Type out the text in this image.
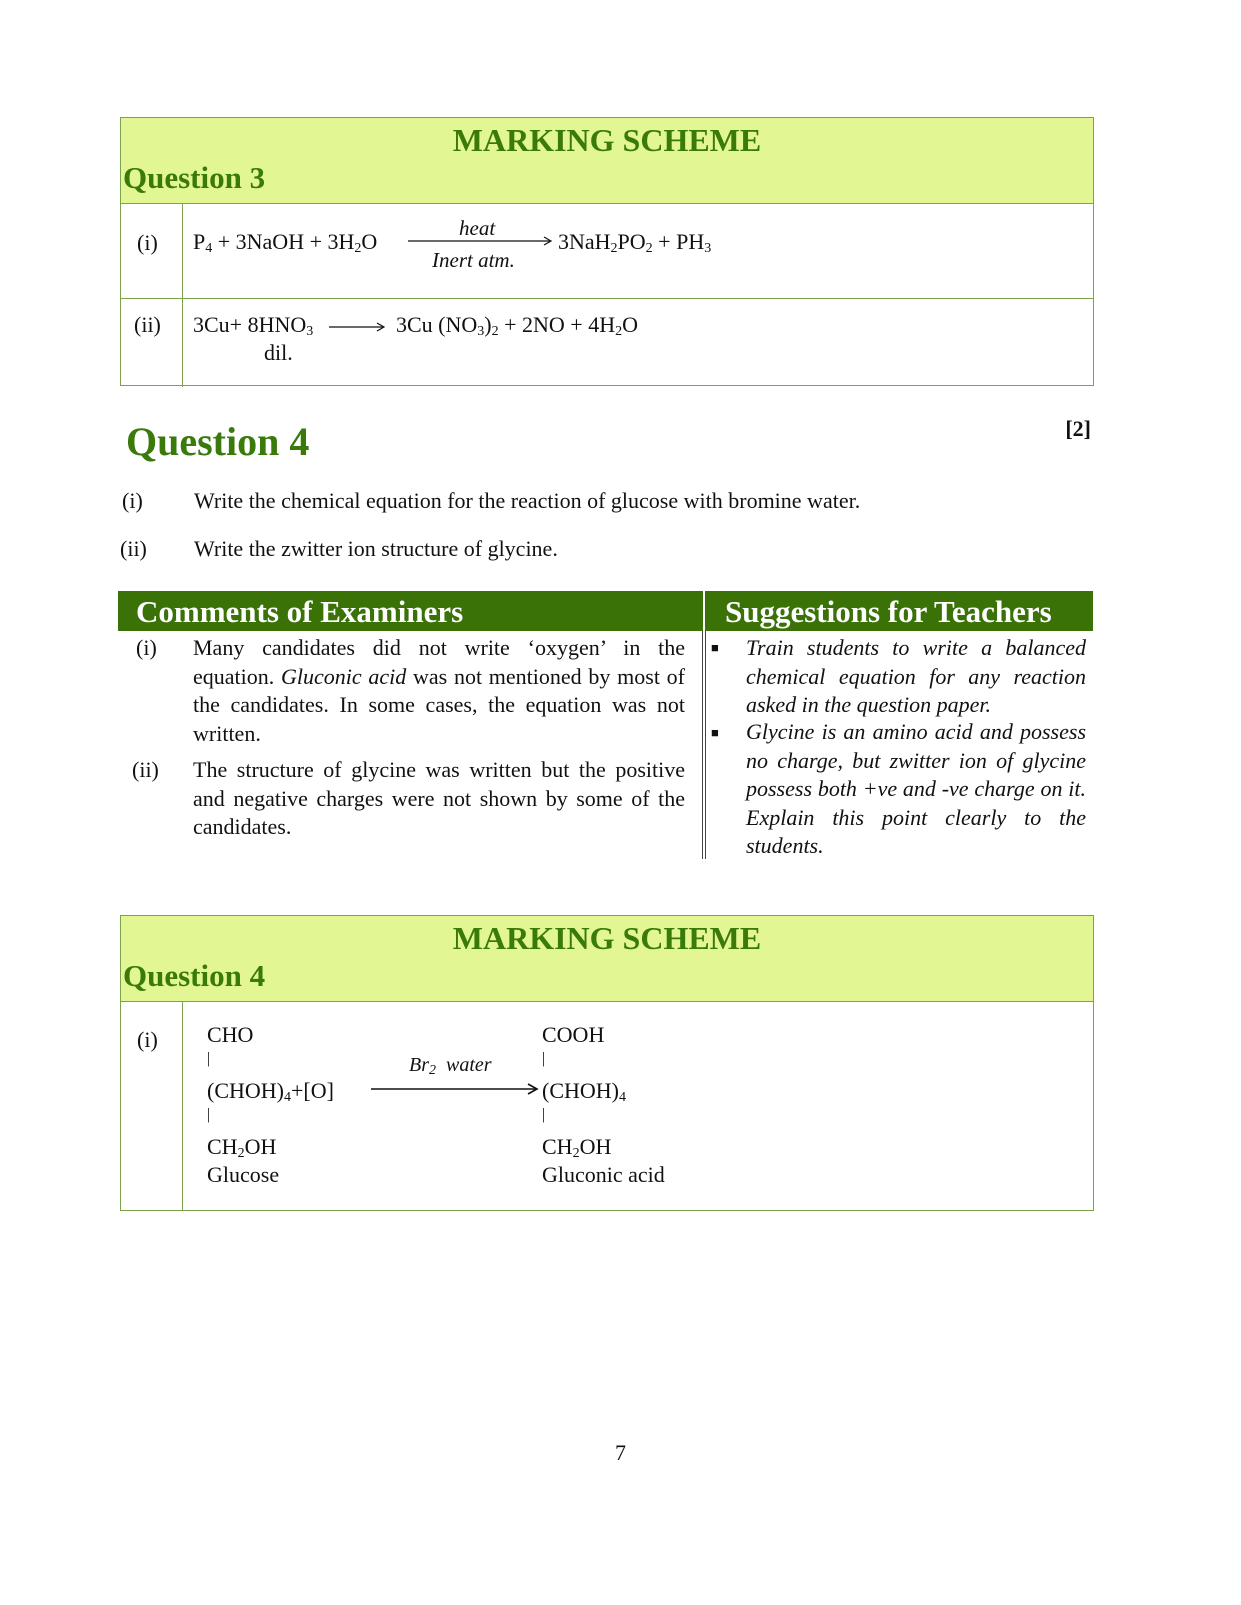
MARKING SCHEME
Question 3
(i) $P_4$ + 3NaOH + $3H_2O$
heat
Inert atm.
$3NaH_2PO_2 + PH_3$
(ii) $3Cu+ 8HNO_3 \to 3Cu$ $(NO_3)_2 + 2NO + 4H_2O$
dil.
Question 4	[2]
(i) Write the chemical equation for the reaction of glucose with bromine water.
(ii) Write the zwitter ion structure of glycine.
Comments of Examiners	Suggestions for Teachers
(i)	Many candidates did not write ‘oxygen’ in the equation. Gluconic acid was not mentioned by most of the candidates. In some cases, the equation was not written.
(ii)	The structure of glycine was written but the positive and negative charges were not shown by some of the candidates.
■ Train students to write a balanced chemical equation for any reaction asked in the question paper.
■ Glycine is an amino acid and possess no charge, but zwitter ion of glycine possess both +ve and -ve charge on it. Explain this point clearly to the students.
MARKING SCHEME
Question 4
(i) CHO
|
$(CHOH)_4+[O]$
|
$CH_2OH$
Glucose
$Br_2$  water
COOH
|
$(CHOH)_4$
|
$CH_2OH$
Gluconic acid
7
